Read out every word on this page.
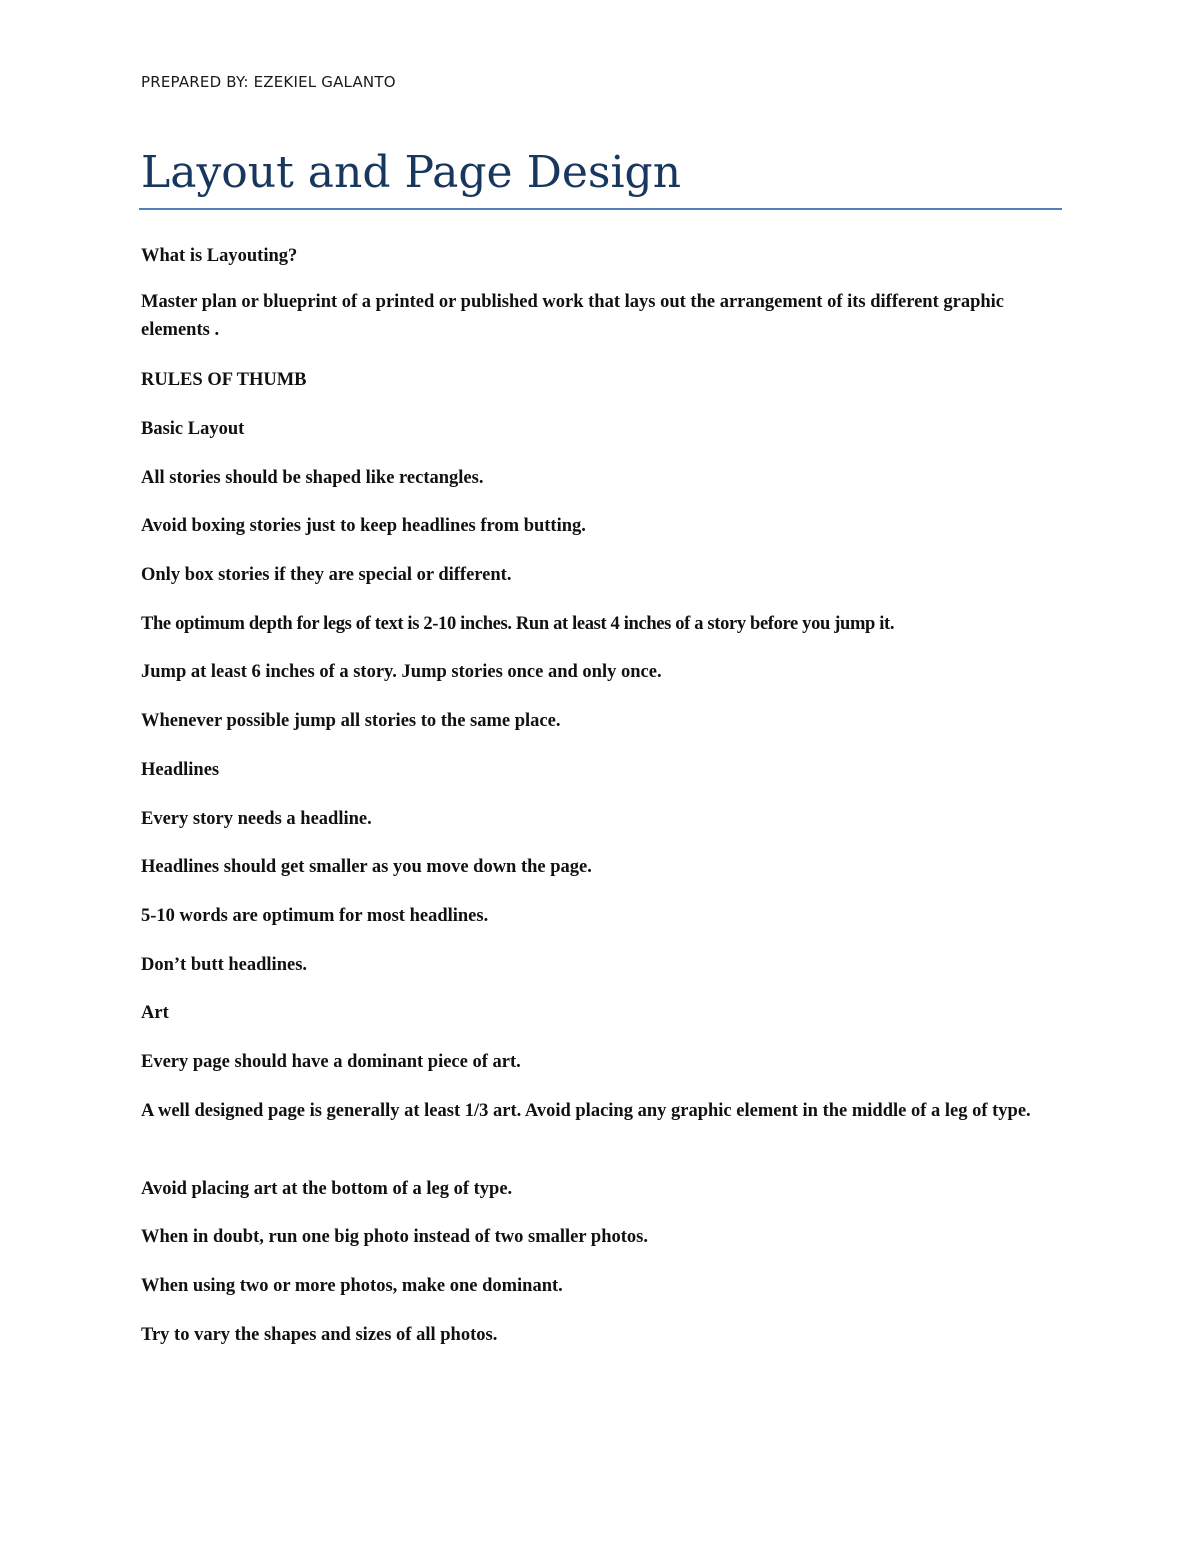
PREPARED BY: EZEKIEL GALANTO
Layout and Page Design

What is Layouting?

Master plan or blueprint of a printed or published work that lays out the arrangement of its different graphic elements .

RULES OF THUMB

Basic Layout

All stories should be shaped like rectangles.

Avoid boxing stories just to keep headlines from butting.

Only box stories if they are special or different.

The optimum depth for legs of text is 2-10 inches. Run at least 4 inches of a story before you jump it.

Jump at least 6 inches of a story. Jump stories once and only once.

Whenever possible jump all stories to the same place.

Headlines

Every story needs a headline.

Headlines should get smaller as you move down the page.

5-10 words are optimum for most headlines.

Don’t butt headlines.

Art

Every page should have a dominant piece of art.

A well designed page is generally at least 1/3 art. Avoid placing any graphic element in the middle of a leg of type.

Avoid placing art at the bottom of a leg of type.

When in doubt, run one big photo instead of two smaller photos.

When using two or more photos, make one dominant.

Try to vary the shapes and sizes of all photos.
